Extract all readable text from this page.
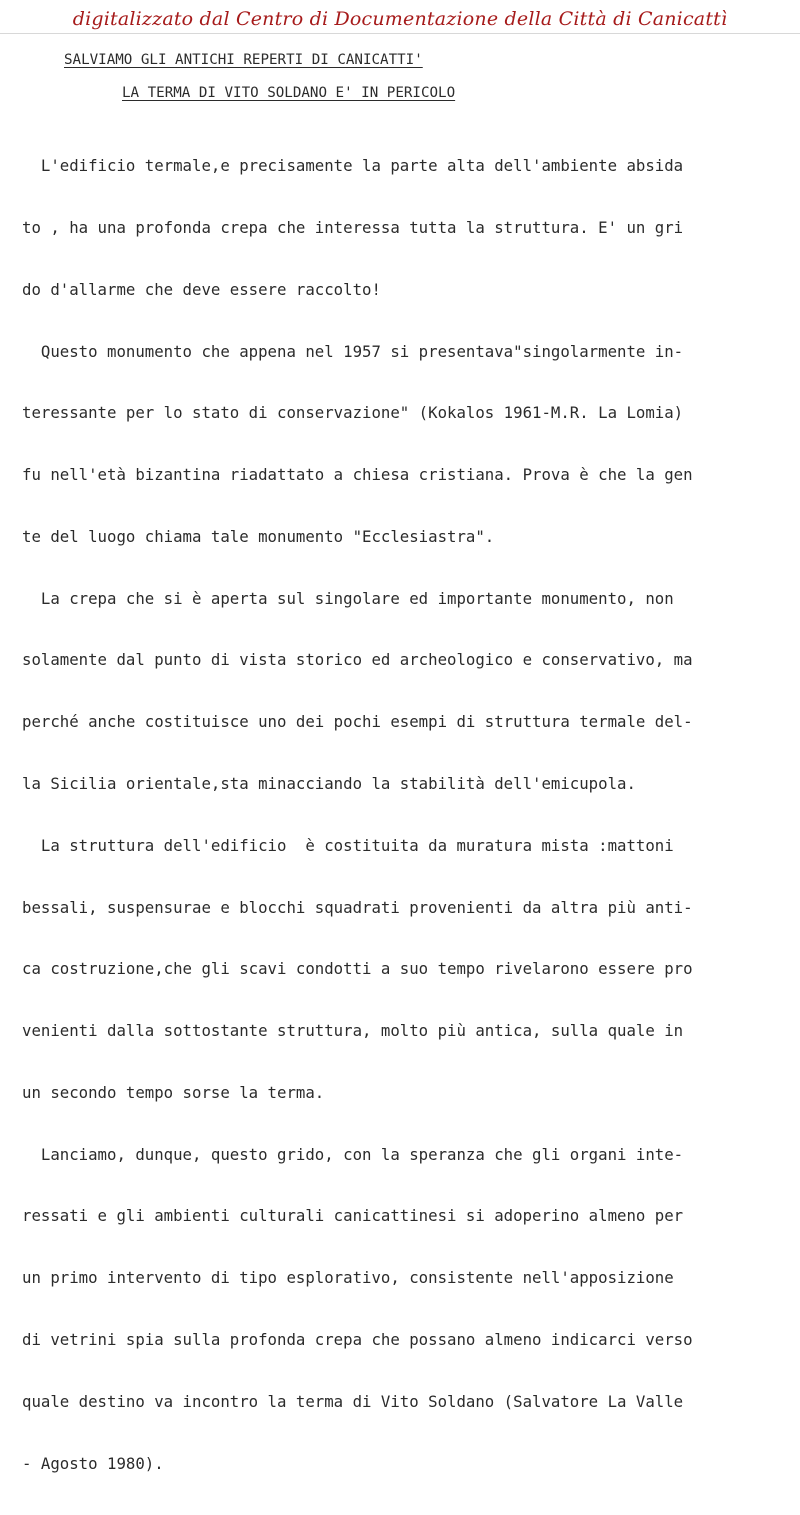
digitalizzato dal Centro di Documentazione della Città di Canicattì
SALVIAMO GLI ANTICHI REPERTI DI CANICATTI'
LA TERMA DI VITO SOLDANO E' IN PERICOLO

L'edificio termale,e precisamente la parte alta dell'ambiente absida

to , ha una profonda crepa che interessa tutta la struttura. E' un gri

do d'allarme che deve essere raccolto!

Questo monumento che appena nel 1957 si presentava"singolarmente in-

teressante per lo stato di conservazione" (Kokalos 1961-M.R. La Lomia)

fu nell'età bizantina riadattato a chiesa cristiana. Prova è che la gen

te del luogo chiama tale monumento "Ecclesiastra".

La crepa che si è aperta sul singolare ed importante monumento, non

solamente dal punto di vista storico ed archeologico e conservativo, ma

perché anche costituisce uno dei pochi esempi di struttura termale del-

la Sicilia orientale,sta minacciando la stabilità dell'emicupola.

La struttura dell'edificio  è costituita da muratura mista :mattoni

bessali, suspensurae e blocchi squadrati provenienti da altra più anti-

ca costruzione,che gli scavi condotti a suo tempo rivelarono essere pro

venienti dalla sottostante struttura, molto più antica, sulla quale in

un secondo tempo sorse la terma.

Lanciamo, dunque, questo grido, con la speranza che gli organi inte-

ressati e gli ambienti culturali canicattinesi si adoperino almeno per

un primo intervento di tipo esplorativo, consistente nell'apposizione

di vetrini spia sulla profonda crepa che possano almeno indicarci verso

quale destino va incontro la terma di Vito Soldano (Salvatore La Valle

- Agosto 1980).
